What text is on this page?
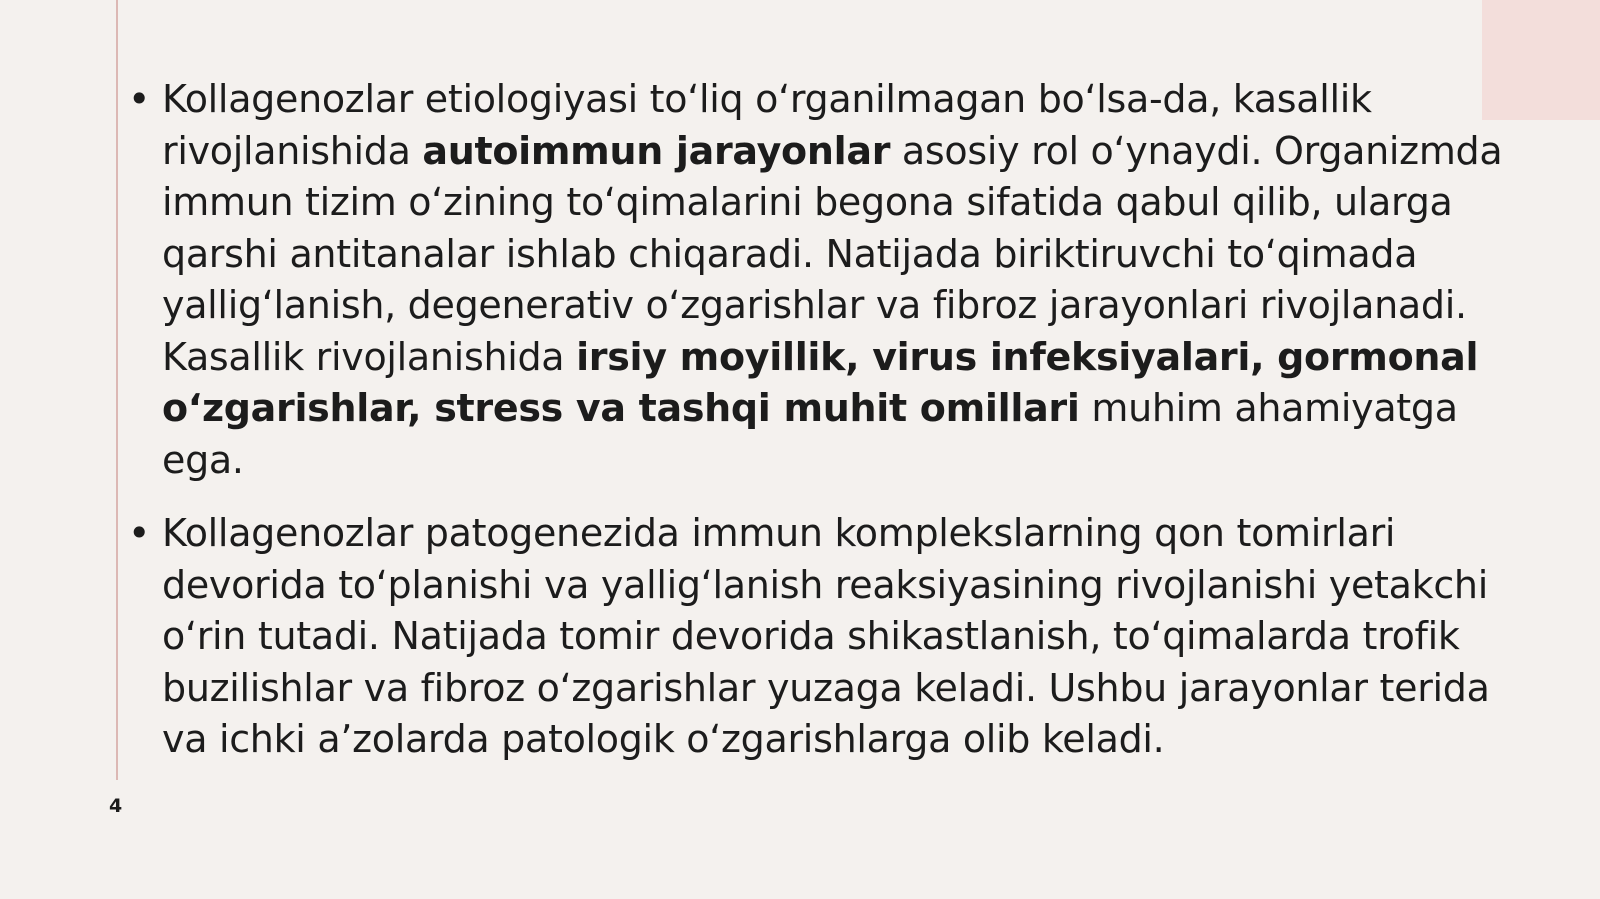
• Kollagenozlar etiologiyasi to‘liq o‘rganilmagan bo‘lsa-da, kasallik rivojlanishida autoimmun jarayonlar asosiy rol o‘ynaydi. Organizmda immun tizim o‘zining to‘qimalarini begona sifatida qabul qilib, ularga qarshi antitanalar ishlab chiqaradi. Natijada biriktiruvchi to‘qimada yallig‘lanish, degenerativ o‘zgarishlar va fibroz jarayonlari rivojlanadi. Kasallik rivojlanishida irsiy moyillik, virus infeksiyalari, gormonal o‘zgarishlar, stress va tashqi muhit omillari muhim ahamiyatga ega.
• Kollagenozlar patogenezida immun komplekslarning qon tomirlari devorida to‘planishi va yallig‘lanish reaksiyasining rivojlanishi yetakchi o‘rin tutadi. Natijada tomir devorida shikastlanish, to‘qimalarda trofik buzilishlar va fibroz o‘zgarishlar yuzaga keladi. Ushbu jarayonlar terida va ichki a’zolarda patologik o‘zgarishlarga olib keladi.
4
